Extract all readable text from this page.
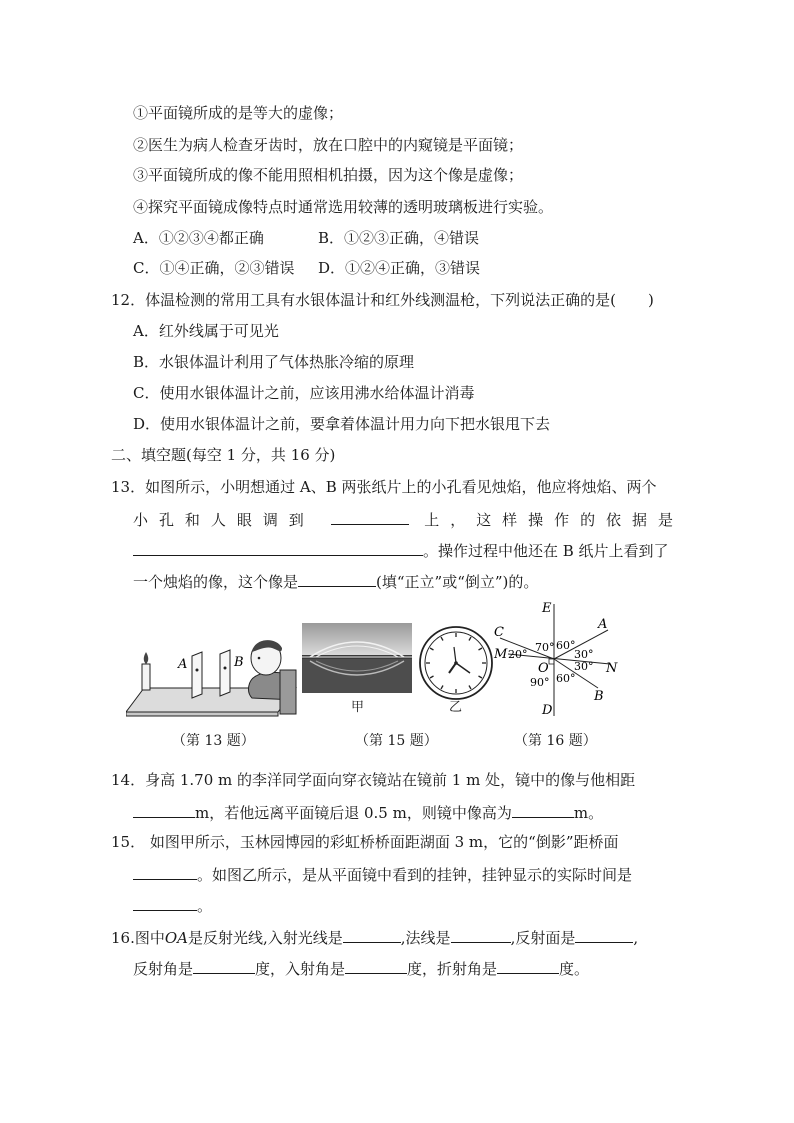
①平面镜所成的是等大的虚像；
②医生为病人检查牙齿时，放在口腔中的内窥镜是平面镜；
③平面镜所成的像不能用照相机拍摄，因为这个像是虚像；
④探究平面镜成像特点时通常选用较薄的透明玻璃板进行实验。
A．①②③④都正确	B．①②③正确，④错误
C．①④正确，②③错误 D．①②④正确，③错误
12．体温检测的常用工具有水银体温计和红外线测温枪，下列说法正确的是( )
A．红外线属于可见光
B．水银体温计利用了气体热胀冷缩的原理
C．使用水银体温计之前，应该用沸水给体温计消毒
D．使用水银体温计之前，要拿着体温计用力向下把水银甩下去
二、填空题(每空 1 分，共 16 分)
13．如图所示，小明想通过 A、B 两张纸片上的小孔看见烛焰，他应将烛焰、两个
小孔和人眼调到	上，这样操作的依据是
。操作过程中他还在 B 纸片上看到了
一个烛焰的像，这个像是	(填“正立”或“倒立”)的。
A	B
甲	乙
E
C
A
M
O	N
B
D
70° 60°
20°	30°
30°
90° 60°
（第 13 题）	（第 15 题）	（第 16 题）
14．身高 1.70 m 的李洋同学面向穿衣镜站在镜前 1 m 处，镜中的像与他相距
m，若他远离平面镜后退 0.5 m，则镜中像高为	m。
15． 如图甲所示，玉林园博园的彩虹桥桥面距湖面 3 m，它的“倒影”距桥面
。如图乙所示，是从平面镜中看到的挂钟，挂钟显示的实际时间是
。
16.图中OA是反射光线,入射光线是	,法线是	,反射面是	,
反射角是	度，入射角是	度，折射角是	度。
